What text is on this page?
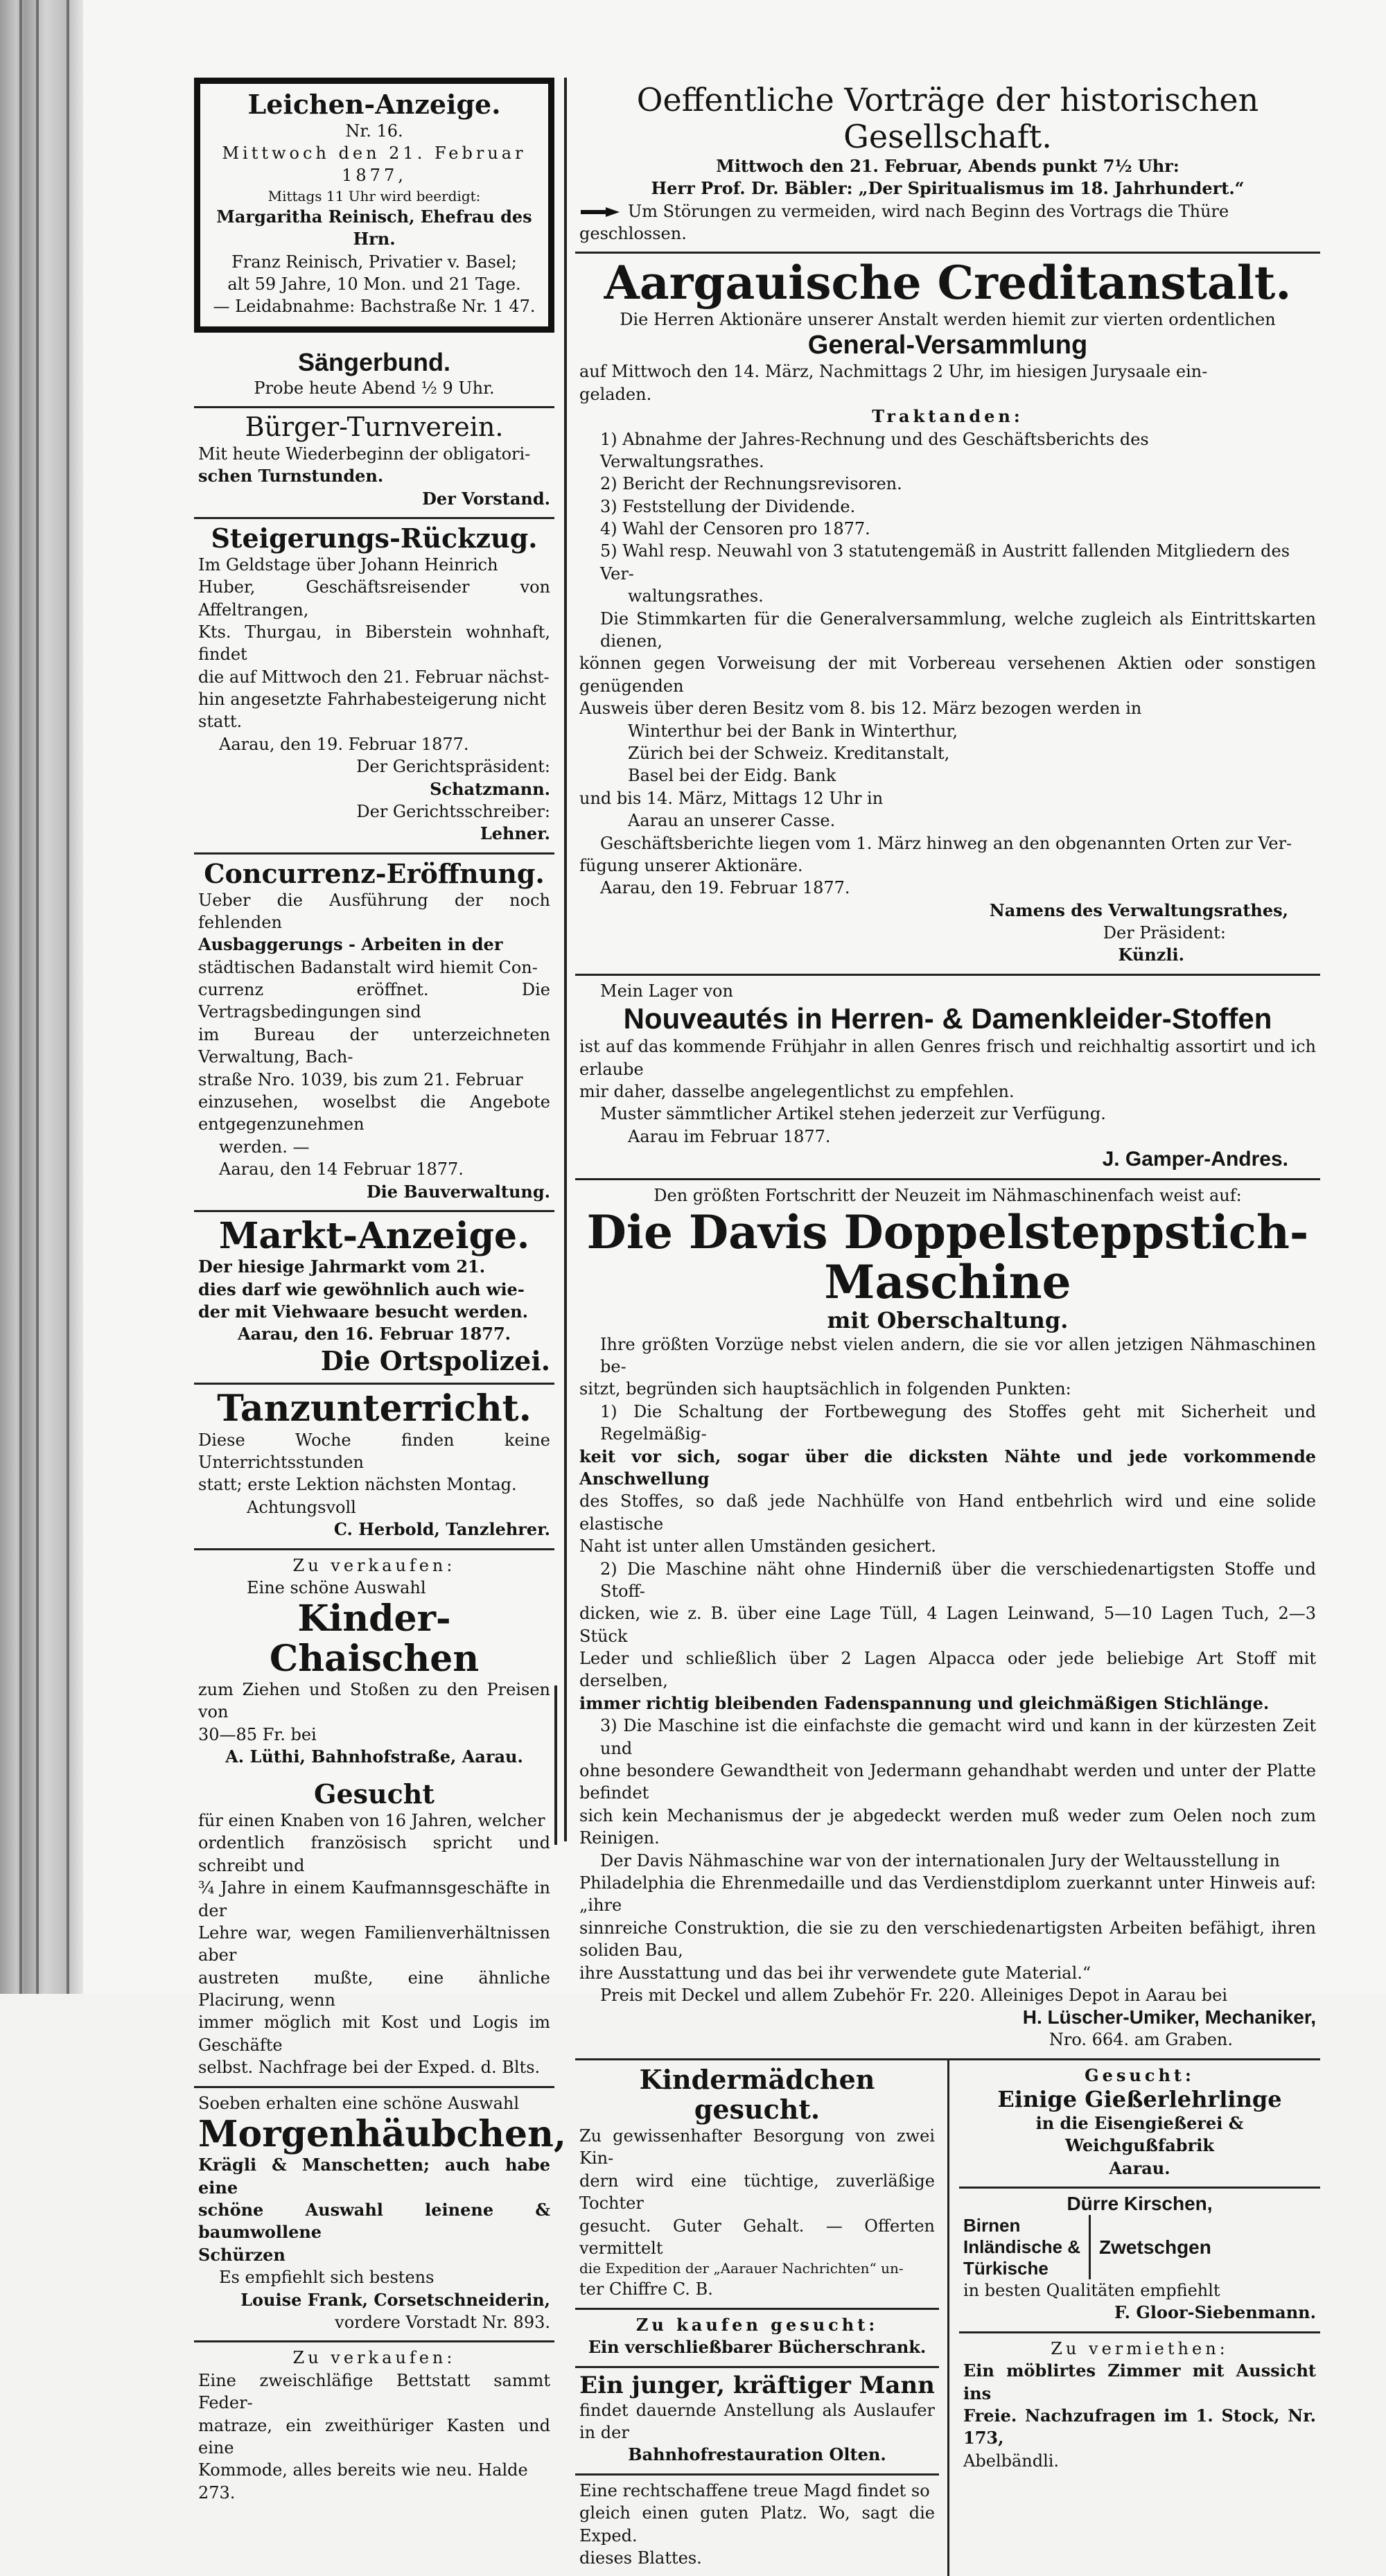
Leichen-Anzeige.
Nr. 16.
Mittwoch den 21. Februar 1877,
Mittags 11 Uhr wird beerdigt:
Margaritha Reinisch, Ehefrau des Hrn.
Franz Reinisch, Privatier v. Basel;
alt 59 Jahre, 10 Mon. und 21 Tage.
— Leidabnahme: Bachstraße Nr. 1 47.
Sängerbund.
Probe heute Abend ½ 9 Uhr.
Bürger-Turnverein.
Mit heute Wiederbeginn der obligatori-
schen Turnstunden.
Der Vorstand.
Steigerungs-Rückzug.
Im Geldstage über Johann Heinrich
Huber, Geschäftsreisender von Affeltrangen,
Kts. Thurgau, in Biberstein wohnhaft, findet
die auf Mittwoch den 21. Februar nächst-
hin angesetzte Fahrhabesteigerung nicht statt.
Aarau, den 19. Februar 1877.
Der Gerichtspräsident:
Schatzmann.
Der Gerichtsschreiber:
Lehner.
Concurrenz-Eröffnung.
Ueber die Ausführung der noch fehlenden
Ausbaggerungs - Arbeiten in der
städtischen Badanstalt wird hiemit Con-
currenz eröffnet. Die Vertragsbedingungen sind
im Bureau der unterzeichneten Verwaltung, Bach-
straße Nro. 1039, bis zum 21. Februar
einzusehen, woselbst die Angebote entgegenzunehmen
werden. —
Aarau, den 14 Februar 1877.
Die Bauverwaltung.
Markt-Anzeige.
Der hiesige Jahrmarkt vom 21.
dies darf wie gewöhnlich auch wie-
der mit Viehwaare besucht werden.
Aarau, den 16. Februar 1877.
Die Ortspolizei.
Tanzunterricht.
Diese Woche finden keine Unterrichtsstunden
statt; erste Lektion nächsten Montag.
Achtungsvoll
C. Herbold, Tanzlehrer.
Zu verkaufen:
Eine schöne Auswahl
Kinder-Chaischen
zum Ziehen und Stoßen zu den Preisen von
30—85 Fr. bei
A. Lüthi, Bahnhofstraße, Aarau.
Gesucht
für einen Knaben von 16 Jahren, welcher
ordentlich französisch spricht und schreibt und
¾ Jahre in einem Kaufmannsgeschäfte in der
Lehre war, wegen Familienverhältnissen aber
austreten mußte, eine ähnliche Placirung, wenn
immer möglich mit Kost und Logis im Geschäfte
selbst. Nachfrage bei der Exped. d. Blts.
Soeben erhalten eine schöne Auswahl
Morgenhäubchen,
Krägli & Manschetten; auch habe eine
schöne Auswahl leinene & baumwollene
Schürzen
Es empfiehlt sich bestens
Louise Frank, Corsetschneiderin,
vordere Vorstadt Nr. 893.
Zu verkaufen:
Eine zweischläfige Bettstatt sammt Feder-
matraze, ein zweithüriger Kasten und eine
Kommode, alles bereits wie neu. Halde 273.
Oeffentliche Vorträge der historischen Gesellschaft.
Mittwoch den 21. Februar, Abends punkt 7½ Uhr:
Herr Prof. Dr. Bäbler: „Der Spiritualismus im 18. Jahrhundert.“
Um Störungen zu vermeiden, wird nach Beginn des Vortrags die Thüre geschlossen.
Aargauische Creditanstalt.
Die Herren Aktionäre unserer Anstalt werden hiemit zur vierten ordentlichen
General-Versammlung
auf Mittwoch den 14. März, Nachmittags 2 Uhr, im hiesigen Jurysaale ein-
geladen.
Traktanden:
1) Abnahme der Jahres-Rechnung und des Geschäftsberichts des Verwaltungsrathes.
2) Bericht der Rechnungsrevisoren.
3) Feststellung der Dividende.
4) Wahl der Censoren pro 1877.
5) Wahl resp. Neuwahl von 3 statutengemäß in Austritt fallenden Mitgliedern des Ver-
waltungsrathes.
Die Stimmkarten für die Generalversammlung, welche zugleich als Eintrittskarten dienen,
können gegen Vorweisung der mit Vorbereau versehenen Aktien oder sonstigen genügenden
Ausweis über deren Besitz vom 8. bis 12. März bezogen werden in
Winterthur bei der Bank in Winterthur,
Zürich bei der Schweiz. Kreditanstalt,
Basel bei der Eidg. Bank
und bis 14. März, Mittags 12 Uhr in
Aarau an unserer Casse.
Geschäftsberichte liegen vom 1. März hinweg an den obgenannten Orten zur Ver-
fügung unserer Aktionäre.
Aarau, den 19. Februar 1877.
Namens des Verwaltungsrathes,
Der Präsident:
Künzli.
Mein Lager von
Nouveautés in Herren- & Damenkleider-Stoffen
ist auf das kommende Frühjahr in allen Genres frisch und reichhaltig assortirt und ich erlaube
mir daher, dasselbe angelegentlichst zu empfehlen.
Muster sämmtlicher Artikel stehen jederzeit zur Verfügung.
Aarau im Februar 1877.
J. Gamper-Andres.
Den größten Fortschritt der Neuzeit im Nähmaschinenfach weist auf:
Die Davis Doppelsteppstich-Maschine
mit Oberschaltung.
Ihre größten Vorzüge nebst vielen andern, die sie vor allen jetzigen Nähmaschinen be-
sitzt, begründen sich hauptsächlich in folgenden Punkten:
1) Die Schaltung der Fortbewegung des Stoffes geht mit Sicherheit und Regelmäßig-
keit vor sich, sogar über die dicksten Nähte und jede vorkommende Anschwellung
des Stoffes, so daß jede Nachhülfe von Hand entbehrlich wird und eine solide elastische
Naht ist unter allen Umständen gesichert.
2) Die Maschine näht ohne Hinderniß über die verschiedenartigsten Stoffe und Stoff-
dicken, wie z. B. über eine Lage Tüll, 4 Lagen Leinwand, 5—10 Lagen Tuch, 2—3 Stück
Leder und schließlich über 2 Lagen Alpacca oder jede beliebige Art Stoff mit derselben,
immer richtig bleibenden Fadenspannung und gleichmäßigen Stichlänge.
3) Die Maschine ist die einfachste die gemacht wird und kann in der kürzesten Zeit und
ohne besondere Gewandtheit von Jedermann gehandhabt werden und unter der Platte befindet
sich kein Mechanismus der je abgedeckt werden muß weder zum Oelen noch zum Reinigen.
Der Davis Nähmaschine war von der internationalen Jury der Weltausstellung in
Philadelphia die Ehrenmedaille und das Verdienstdiplom zuerkannt unter Hinweis auf: „ihre
sinnreiche Construktion, die sie zu den verschiedenartigsten Arbeiten befähigt, ihren soliden Bau,
ihre Ausstattung und das bei ihr verwendete gute Material.“
Preis mit Deckel und allem Zubehör Fr. 220. Alleiniges Depot in Aarau bei
H. Lüscher-Umiker, Mechaniker,
Nro. 664. am Graben.
Kindermädchen gesucht.
Zu gewissenhafter Besorgung von zwei Kin-
dern wird eine tüchtige, zuverläßige Tochter
gesucht. Guter Gehalt. — Offerten vermittelt
die Expedition der „Aarauer Nachrichten“ un-
ter Chiffre C. B.
Zu kaufen gesucht:
Ein verschließbarer Bücherschrank.
Ein junger, kräftiger Mann
findet dauernde Anstellung als Auslaufer in der
Bahnhofrestauration Olten.
Eine rechtschaffene treue Magd findet so
gleich einen guten Platz. Wo, sagt die Exped.
dieses Blattes.
Gesucht:
Einige Gießerlehrlinge
in die Eisengießerei & Weichgußfabrik
Aarau.
Dürre Kirschen,
Birnen
Inländische &
Türkische
Zwetschgen
in besten Qualitäten empfiehlt
F. Gloor-Siebenmann.
Zu vermiethen:
Ein möblirtes Zimmer mit Aussicht ins
Freie. Nachzufragen im 1. Stock, Nr. 173,
Abelbändli.
